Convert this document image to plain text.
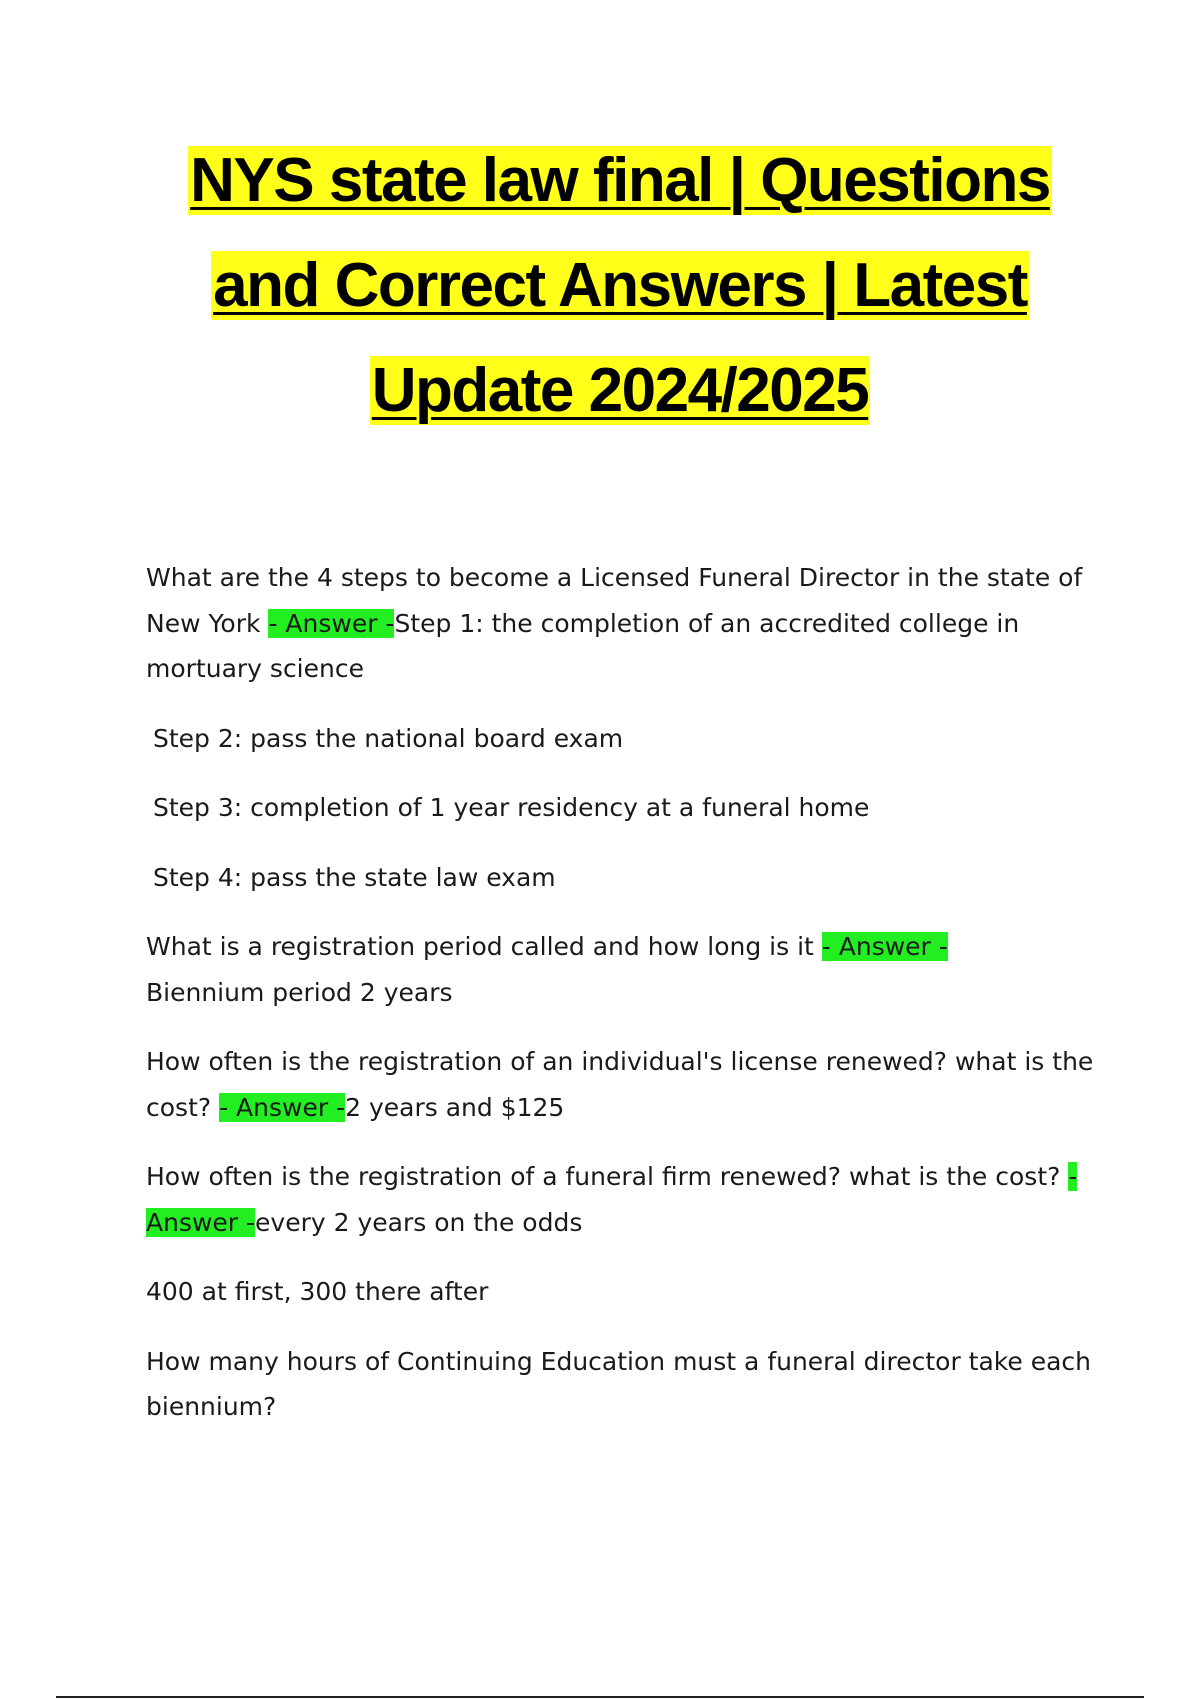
NYS state law final | Questions
and Correct Answers | Latest
Update 2024/2025

What are the 4 steps to become a Licensed Funeral Director in the state of New York - Answer -Step 1: the completion of an accredited college in mortuary science

Step 2: pass the national board exam

Step 3: completion of 1 year residency at a funeral home

Step 4: pass the state law exam

What is a registration period called and how long is it - Answer -
Biennium period 2 years

How often is the registration of an individual's license renewed? what is the cost? - Answer -2 years and $125

How often is the registration of a funeral firm renewed? what is the cost? - Answer -every 2 years on the odds

400 at first, 300 there after

How many hours of Continuing Education must a funeral director take each biennium?
